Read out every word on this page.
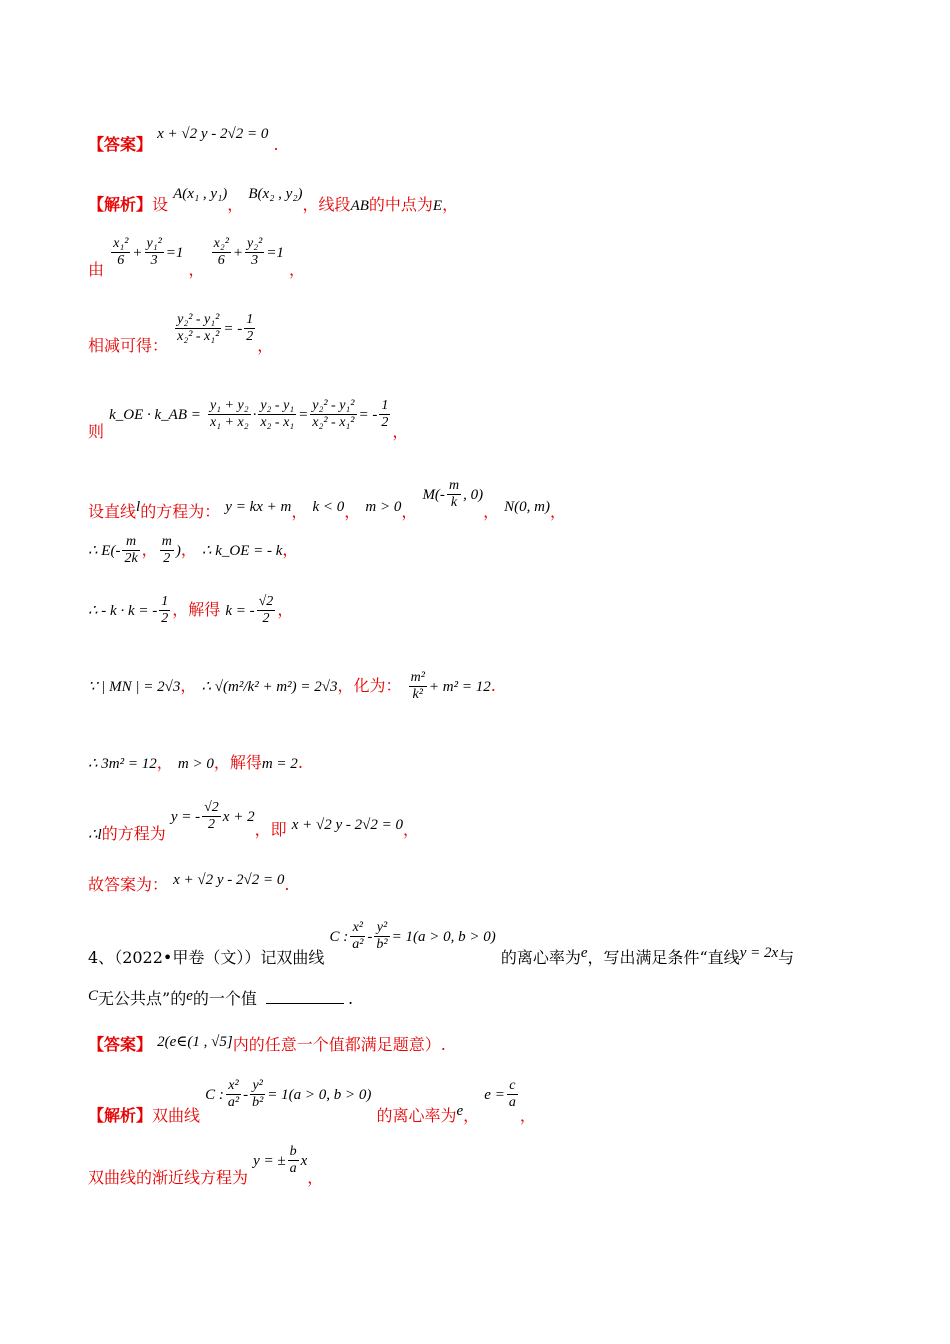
【答案】 x + √2 y - 2√2 = 0 .
【解析】设 A(x₁ , y₁)， B(x₂ , y₂)，线段AB的中点为E，
由
$\frac{\text{x₁²}}{6} + \frac{\text{y₁²}}{3} =1$ ，
$\frac{\text{x₂²}}{6} + \frac{\text{y₂²}}{3} =1$ ，
相减可得：
$\frac{\text{y₂² - y₁²}}{\text{x₂² - x₁²}}$ = - $\frac{1}{2}$
，
则 k_OE · k_AB = $\frac{\text{y₁ + y₂}}{\text{x₁ + x₂}} \cdot \frac{\text{y₂ - y₁}}{\text{x₂ - x₁}} = \frac{\text{y₂² - y₁²}}{\text{x₂² - x₁²}}$ = - $\frac{1}{2}$
，
设直线l的方程为： y = kx + m， k < 0， m > 0， $M(- \frac{m}{k}$ , 0)， N(0, m)，
∴ $E(- \frac{m}{2k}$ ， $\frac{m}{2}$ )， ∴ k_OE = - k，
∴ - k · k = - $\frac{1}{2}$ ，解得 k = - $\frac{√2}{2}$ ，
∵ | MN | = 2√3， ∴ √(m²/k² + m²) = 2√3，化为： $\frac{\text{m²}}{\text{k²}} + m^2 = 12$.
∴ 3m² = 12， m > 0，解得m = 2.
∴l的方程为 y = - $\frac{√2}{2}$ x + 2，即 x + √2 y - 2√2 = 0，
故答案为： x + √2 y - 2√2 = 0.
4、（2022•甲卷（文））记双曲线 C : $\frac{\text{x²}}{\text{a²}} - \frac{\text{y²}}{\text{b²}} = 1(a > 0$, b > 0) 的离心率为e，写出满足条件“直线y = 2x与
C无公共点”的e的一个值	.
【答案】 2(e∈(1 , √5]内的任意一个值都满足题意）.
【解析】双曲线 C : $\frac{\text{x²}}{\text{a²}} - \frac{\text{y²}}{\text{b²}} = 1(a > 0$, b > 0) 的离心率为e， $e = \frac{c}{a}$
，
双曲线的渐近线方程为 y = ± $\frac{b}{a}$ x，
